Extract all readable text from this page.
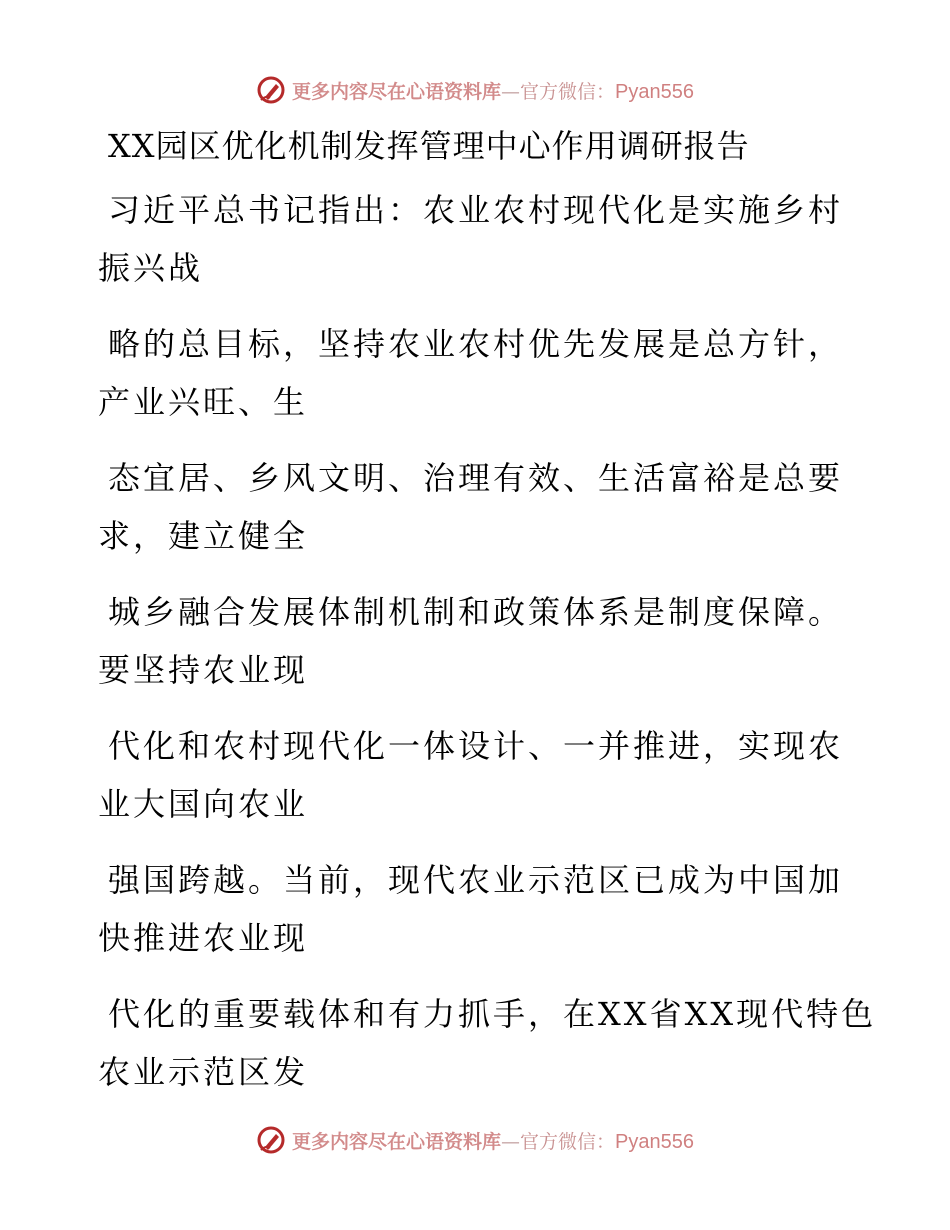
更多内容尽在心语资料库—官方微信：Pyan556
XX园区优化机制发挥管理中心作用调研报告
习近平总书记指出：农业农村现代化是实施乡村
振兴战
略的总目标，坚持农业农村优先发展是总方针，
产业兴旺、生
态宜居、乡风文明、治理有效、生活富裕是总要
求，建立健全
城乡融合发展体制机制和政策体系是制度保障。
要坚持农业现
代化和农村现代化一体设计、一并推进，实现农
业大国向农业
强国跨越。当前，现代农业示范区已成为中国加
快推进农业现
代化的重要载体和有力抓手，在XX省XX现代特色
农业示范区发
更多内容尽在心语资料库—官方微信：Pyan556
